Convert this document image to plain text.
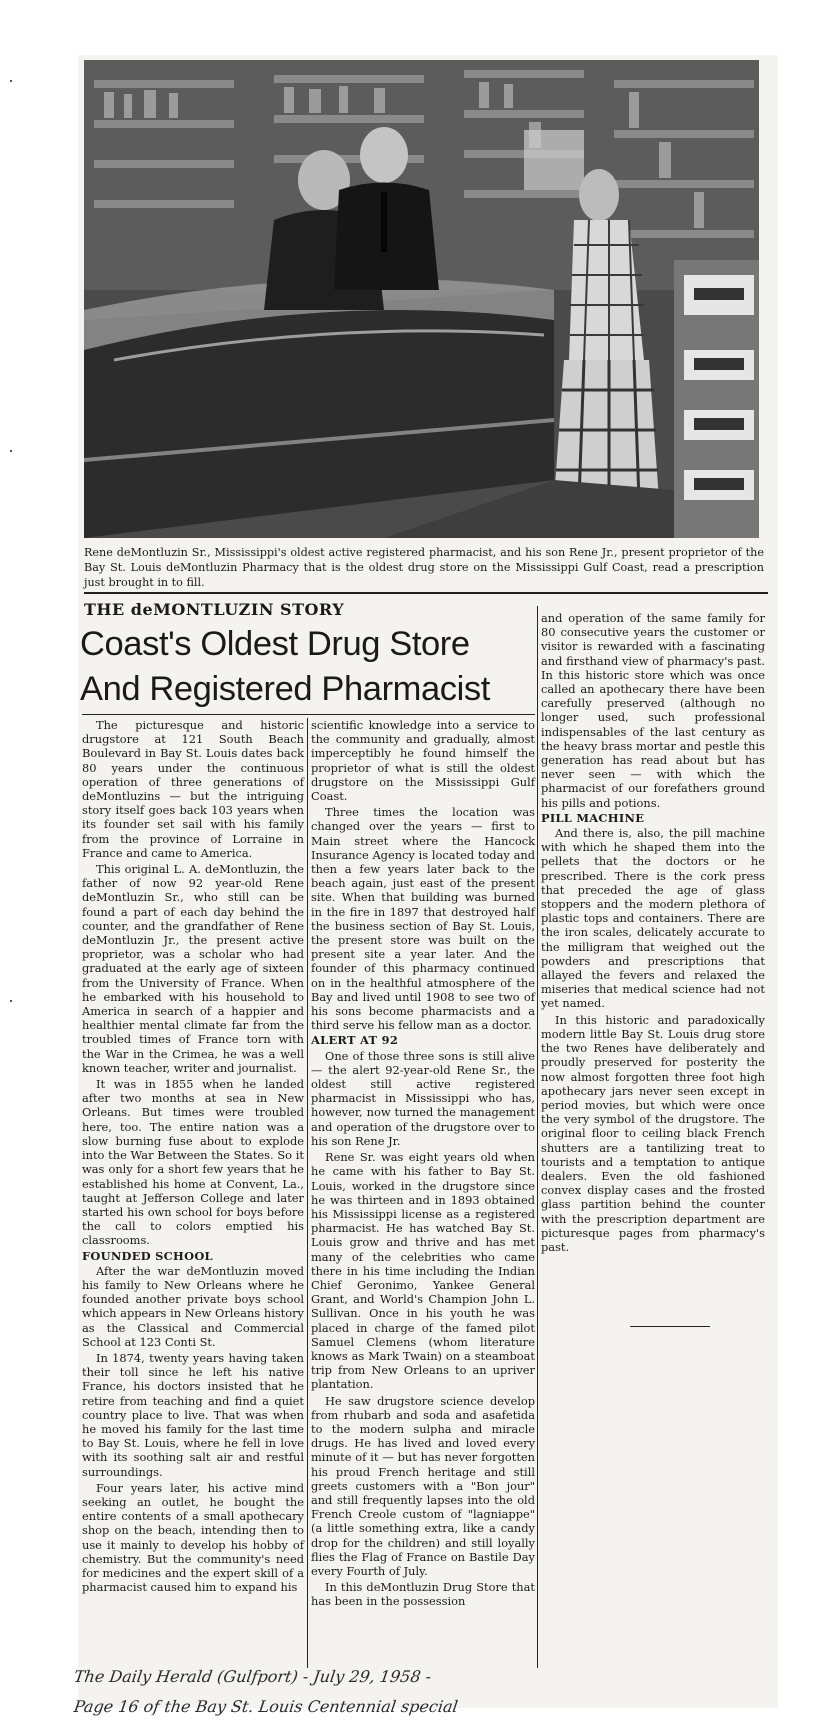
Rene deMontluzin Sr., Mississippi's oldest active registered pharmacist, and his son Rene Jr., present proprietor of the Bay St. Louis deMontluzin Pharmacy that is the oldest drug store on the Mississippi Gulf Coast, read a prescription just brought in to fill.

THE deMONTLUZIN STORY
Coast's Oldest Drug Store
And Registered Pharmacist

The picturesque and historic drugstore at 121 South Beach Boulevard in Bay St. Louis dates back 80 years under the continuous operation of three generations of deMontluzins — but the intriguing story itself goes back 103 years when its founder set sail with his family from the province of Lorraine in France and came to America.

This original L. A. deMontluzin, the father of now 92 year-old Rene deMontluzin Sr., who still can be found a part of each day behind the counter, and the grandfather of Rene deMontluzin Jr., the present active proprietor, was a scholar who had graduated at the early age of sixteen from the University of France. When he embarked with his household to America in search of a happier and healthier mental climate far from the troubled times of France torn with the War in the Crimea, he was a well known teacher, writer and journalist.

It was in 1855 when he landed after two months at sea in New Orleans. But times were troubled here, too. The entire nation was a slow burning fuse about to explode into the War Between the States. So it was only for a short few years that he established his home at Convent, La., taught at Jefferson College and later started his own school for boys before the call to colors emptied his classrooms.

FOUNDED SCHOOL

After the war deMontluzin moved his family to New Orleans where he founded another private boys school which appears in New Orleans history as the Classical and Commercial School at 123 Conti St.

In 1874, twenty years having taken their toll since he left his native France, his doctors insisted that he retire from teaching and find a quiet country place to live. That was when he moved his family for the last time to Bay St. Louis, where he fell in love with its soothing salt air and restful surroundings.

Four years later, his active mind seeking an outlet, he bought the entire contents of a small apothecary shop on the beach, intending then to use it mainly to develop his hobby of chemistry. But the community's need for medicines and the expert skill of a pharmacist caused him to expand his

scientific knowledge into a service to the community and gradually, almost imperceptibly he found himself the proprietor of what is still the oldest drugstore on the Mississippi Gulf Coast.

Three times the location was changed over the years — first to Main street where the Hancock Insurance Agency is located today and then a few years later back to the beach again, just east of the present site. When that building was burned in the fire in 1897 that destroyed half the business section of Bay St. Louis, the present store was built on the present site a year later. And the founder of this pharmacy continued on in the healthful atmosphere of the Bay and lived until 1908 to see two of his sons become pharmacists and a third serve his fellow man as a doctor.

ALERT AT 92

One of those three sons is still alive — the alert 92-year-old Rene Sr., the oldest still active registered pharmacist in Mississippi who has, however, now turned the management and operation of the drugstore over to his son Rene Jr.

Rene Sr. was eight years old when he came with his father to Bay St. Louis, worked in the drugstore since he was thirteen and in 1893 obtained his Mississippi license as a registered pharmacist. He has watched Bay St. Louis grow and thrive and has met many of the celebrities who came there in his time including the Indian Chief Geronimo, Yankee General Grant, and World's Champion John L. Sullivan. Once in his youth he was placed in charge of the famed pilot Samuel Clemens (whom literature knows as Mark Twain) on a steamboat trip from New Orleans to an upriver plantation.

He saw drugstore science develop from rhubarb and soda and asafetida to the modern sulpha and miracle drugs. He has lived and loved every minute of it — but has never forgotten his proud French heritage and still greets customers with a "Bon jour" and still frequently lapses into the old French Creole custom of "lagniappe" (a little something extra, like a candy drop for the children) and still loyally flies the Flag of France on Bastile Day every Fourth of July.

In this deMontluzin Drug Store that has been in the possession

and operation of the same family for 80 consecutive years the customer or visitor is rewarded with a fascinating and firsthand view of pharmacy's past. In this historic store which was once called an apothecary there have been carefully preserved (although no longer used, such professional indispensables of the last century as the heavy brass mortar and pestle this generation has read about but has never seen — with which the pharmacist of our forefathers ground his pills and potions.

PILL MACHINE

And there is, also, the pill machine with which he shaped them into the pellets that the doctors or he prescribed. There is the cork press that preceded the age of glass stoppers and the modern plethora of plastic tops and containers. There are the iron scales, delicately accurate to the milligram that weighed out the powders and prescriptions that allayed the fevers and relaxed the miseries that medical science had not yet named.

In this historic and paradoxically modern little Bay St. Louis drug store the two Renes have deliberately and proudly preserved for posterity the now almost forgotten three foot high apothecary jars never seen except in period movies, but which were once the very symbol of the drugstore. The original floor to ceiling black French shutters are a tantilizing treat to tourists and a temptation to antique dealers. Even the old fashioned convex display cases and the frosted glass partition behind the counter with the prescription department are picturesque pages from pharmacy's past.

The Daily Herald (Gulfport) - July 29, 1958 -

Page 16 of the Bay St. Louis Centennial special
